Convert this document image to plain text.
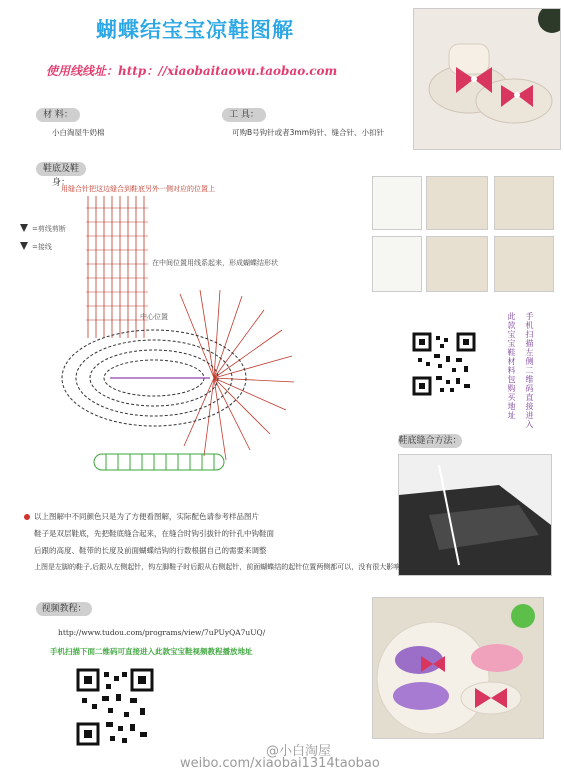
蝴蝶结宝宝凉鞋图解
使用线线址：http：//xiaobaitaowu.taobao.com
材 料：
小白淘屋牛奶棉
工 具：
可购B号钩针或者3mm钩针、缝合针、小扣针
鞋底及鞋身：
用缝合针把这边缝合到鞋底另外一侧对应的位置上
在中间位置用线系起来，形成蝴蝶结形状
=剪线剪断
=接线
中心位置	此款宝宝鞋材料包购买地址 手机扫描左侧二维码直接进入
鞋底缝合方法：
以上图解中不同颜色只是为了方便看图解，实际配色请参考样品图片
鞋子是双层鞋底，先把鞋底缝合起来，在缝合时钩引拔针的针孔中钩鞋面
后跟的高度、鞋带的长度及前面蝴蝶结钩的行数根据自己的需要来调整
上图是左脚的鞋子,后跟从左侧起针，钩左脚鞋子时后跟从右侧起针，前面蝴蝶结的起针位置两侧都可以，没有很大影响
视频教程：
http://www.tudou.com/programs/view/7uPUyQA7uUQ/
手机扫描下面二维码可直接进入此款宝宝鞋视频教程播放地址
@小白淘屋
weibo.com/xiaobai1314taobao
